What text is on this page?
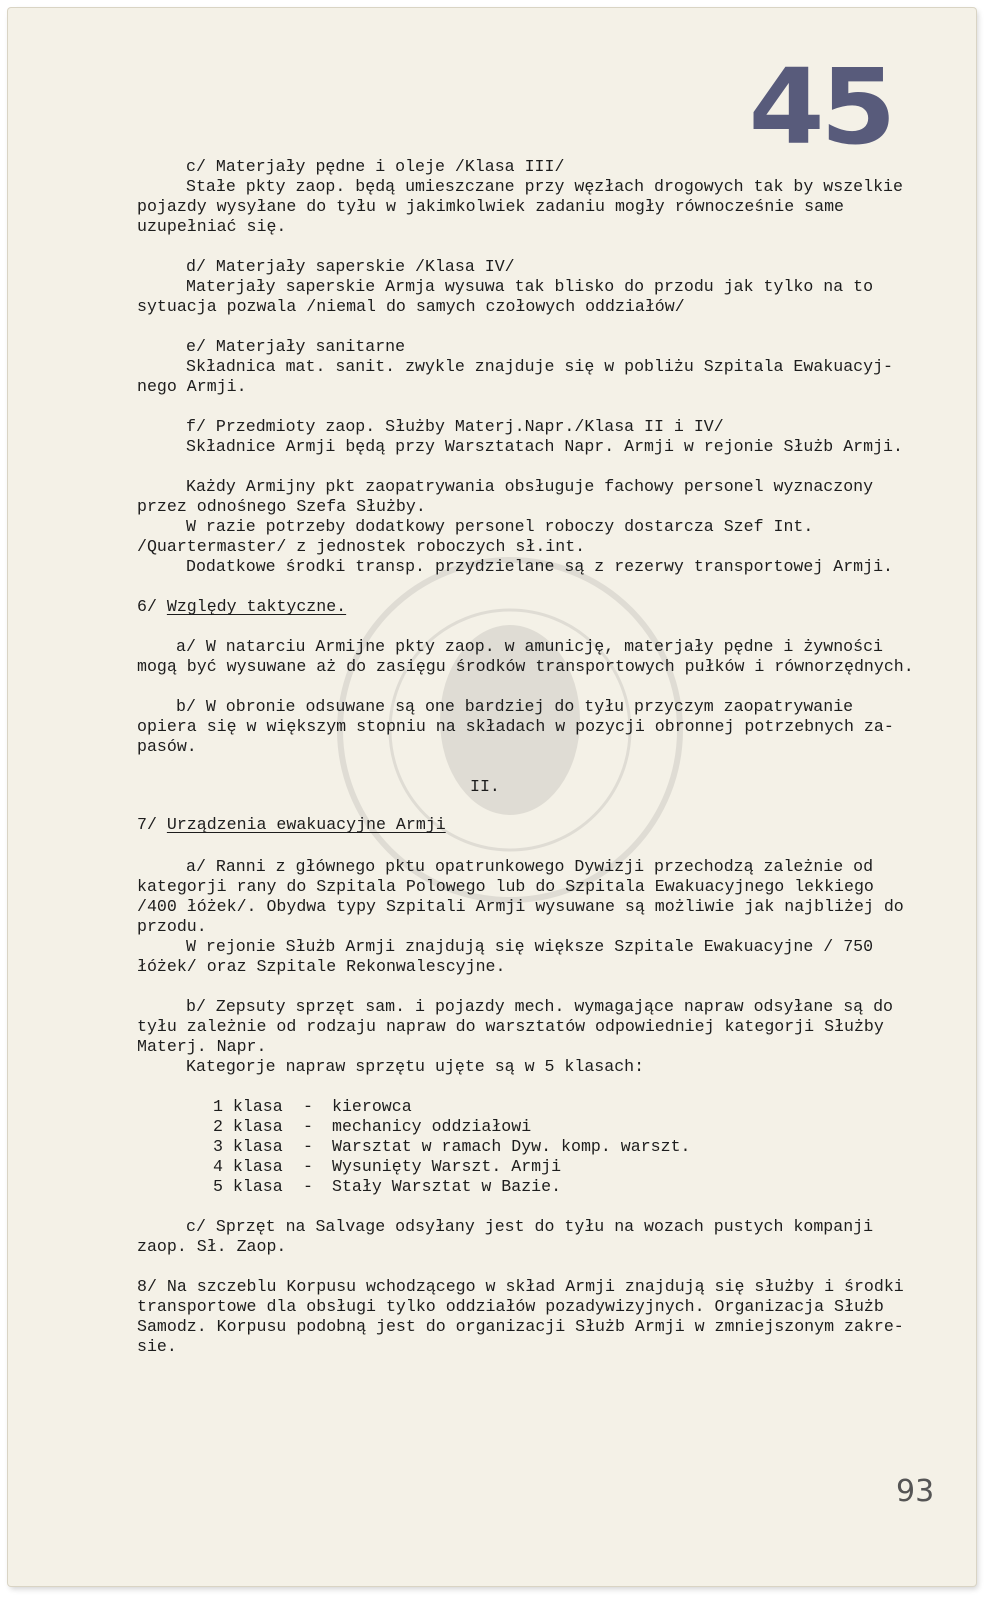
45
93
c/ Materjały pędne i oleje /Klasa III/
Stałe pkty zaop. będą umieszczane przy węzłach drogowych tak by wszelkie
pojazdy wysyłane do tyłu w jakimkolwiek zadaniu mogły równocześnie same
uzupełniać się.
d/ Materjały saperskie /Klasa IV/
Materjały saperskie Armja wysuwa tak blisko do przodu jak tylko na to
sytuacja pozwala /niemal do samych czołowych oddziałów/
e/ Materjały sanitarne
Składnica mat. sanit. zwykle znajduje się w pobliżu Szpitala Ewakuacyj-
nego Armji.
f/ Przedmioty zaop. Służby Materj.Napr./Klasa II i IV/
Składnice Armji będą przy Warsztatach Napr. Armji w rejonie Służb Armji.
Każdy Armijny pkt zaopatrywania obsługuje fachowy personel wyznaczony
przez odnośnego Szefa Służby.
W razie potrzeby dodatkowy personel roboczy dostarcza Szef Int.
/Quartermaster/ z jednostek roboczych sł.int.
Dodatkowe środki transp. przydzielane są z rezerwy transportowej Armji.
6/ Względy taktyczne.
a/ W natarciu Armijne pkty zaop. w amunicję, materjały pędne i żywności
mogą być wysuwane aż do zasięgu środków transportowych pułków i równorzędnych.
b/ W obronie odsuwane są one bardziej do tyłu przyczym zaopatrywanie
opiera się w większym stopniu na składach w pozycji obronnej potrzebnych za-
pasów.
II.
7/ Urządzenia ewakuacyjne Armji
a/ Ranni z głównego pktu opatrunkowego Dywizji przechodzą zależnie od
kategorji rany do Szpitala Polowego lub do Szpitala Ewakuacyjnego lekkiego
/400 łóżek/. Obydwa typy Szpitali Armji wysuwane są możliwie jak najbliżej do
przodu.
W rejonie Służb Armji znajdują się większe Szpitale Ewakuacyjne / 750
łóżek/ oraz Szpitale Rekonwalescyjne.
b/ Zepsuty sprzęt sam. i pojazdy mech. wymagające napraw odsyłane są do
tyłu zależnie od rodzaju napraw do warsztatów odpowiedniej kategorji Służby
Materj. Napr.
Kategorje napraw sprzętu ujęte są w 5 klasach:

1 klasa

-

kierowca

2 klasa

-

mechanicy oddziałowi

3 klasa

-

Warsztat w ramach Dyw. komp. warszt.

4 klasa

-

Wysunięty Warszt. Armji

5 klasa

-

Stały Warsztat w Bazie.

c/ Sprzęt na Salvage odsyłany jest do tyłu na wozach pustych kompanji
zaop. Sł. Zaop.
8/ Na szczeblu Korpusu wchodzącego w skład Armji znajdują się służby i środki
transportowe dla obsługi tylko oddziałów pozadywizyjnych. Organizacja Służb
Samodz. Korpusu podobną jest do organizacji Służb Armji w zmniejszonym zakre-
sie.
